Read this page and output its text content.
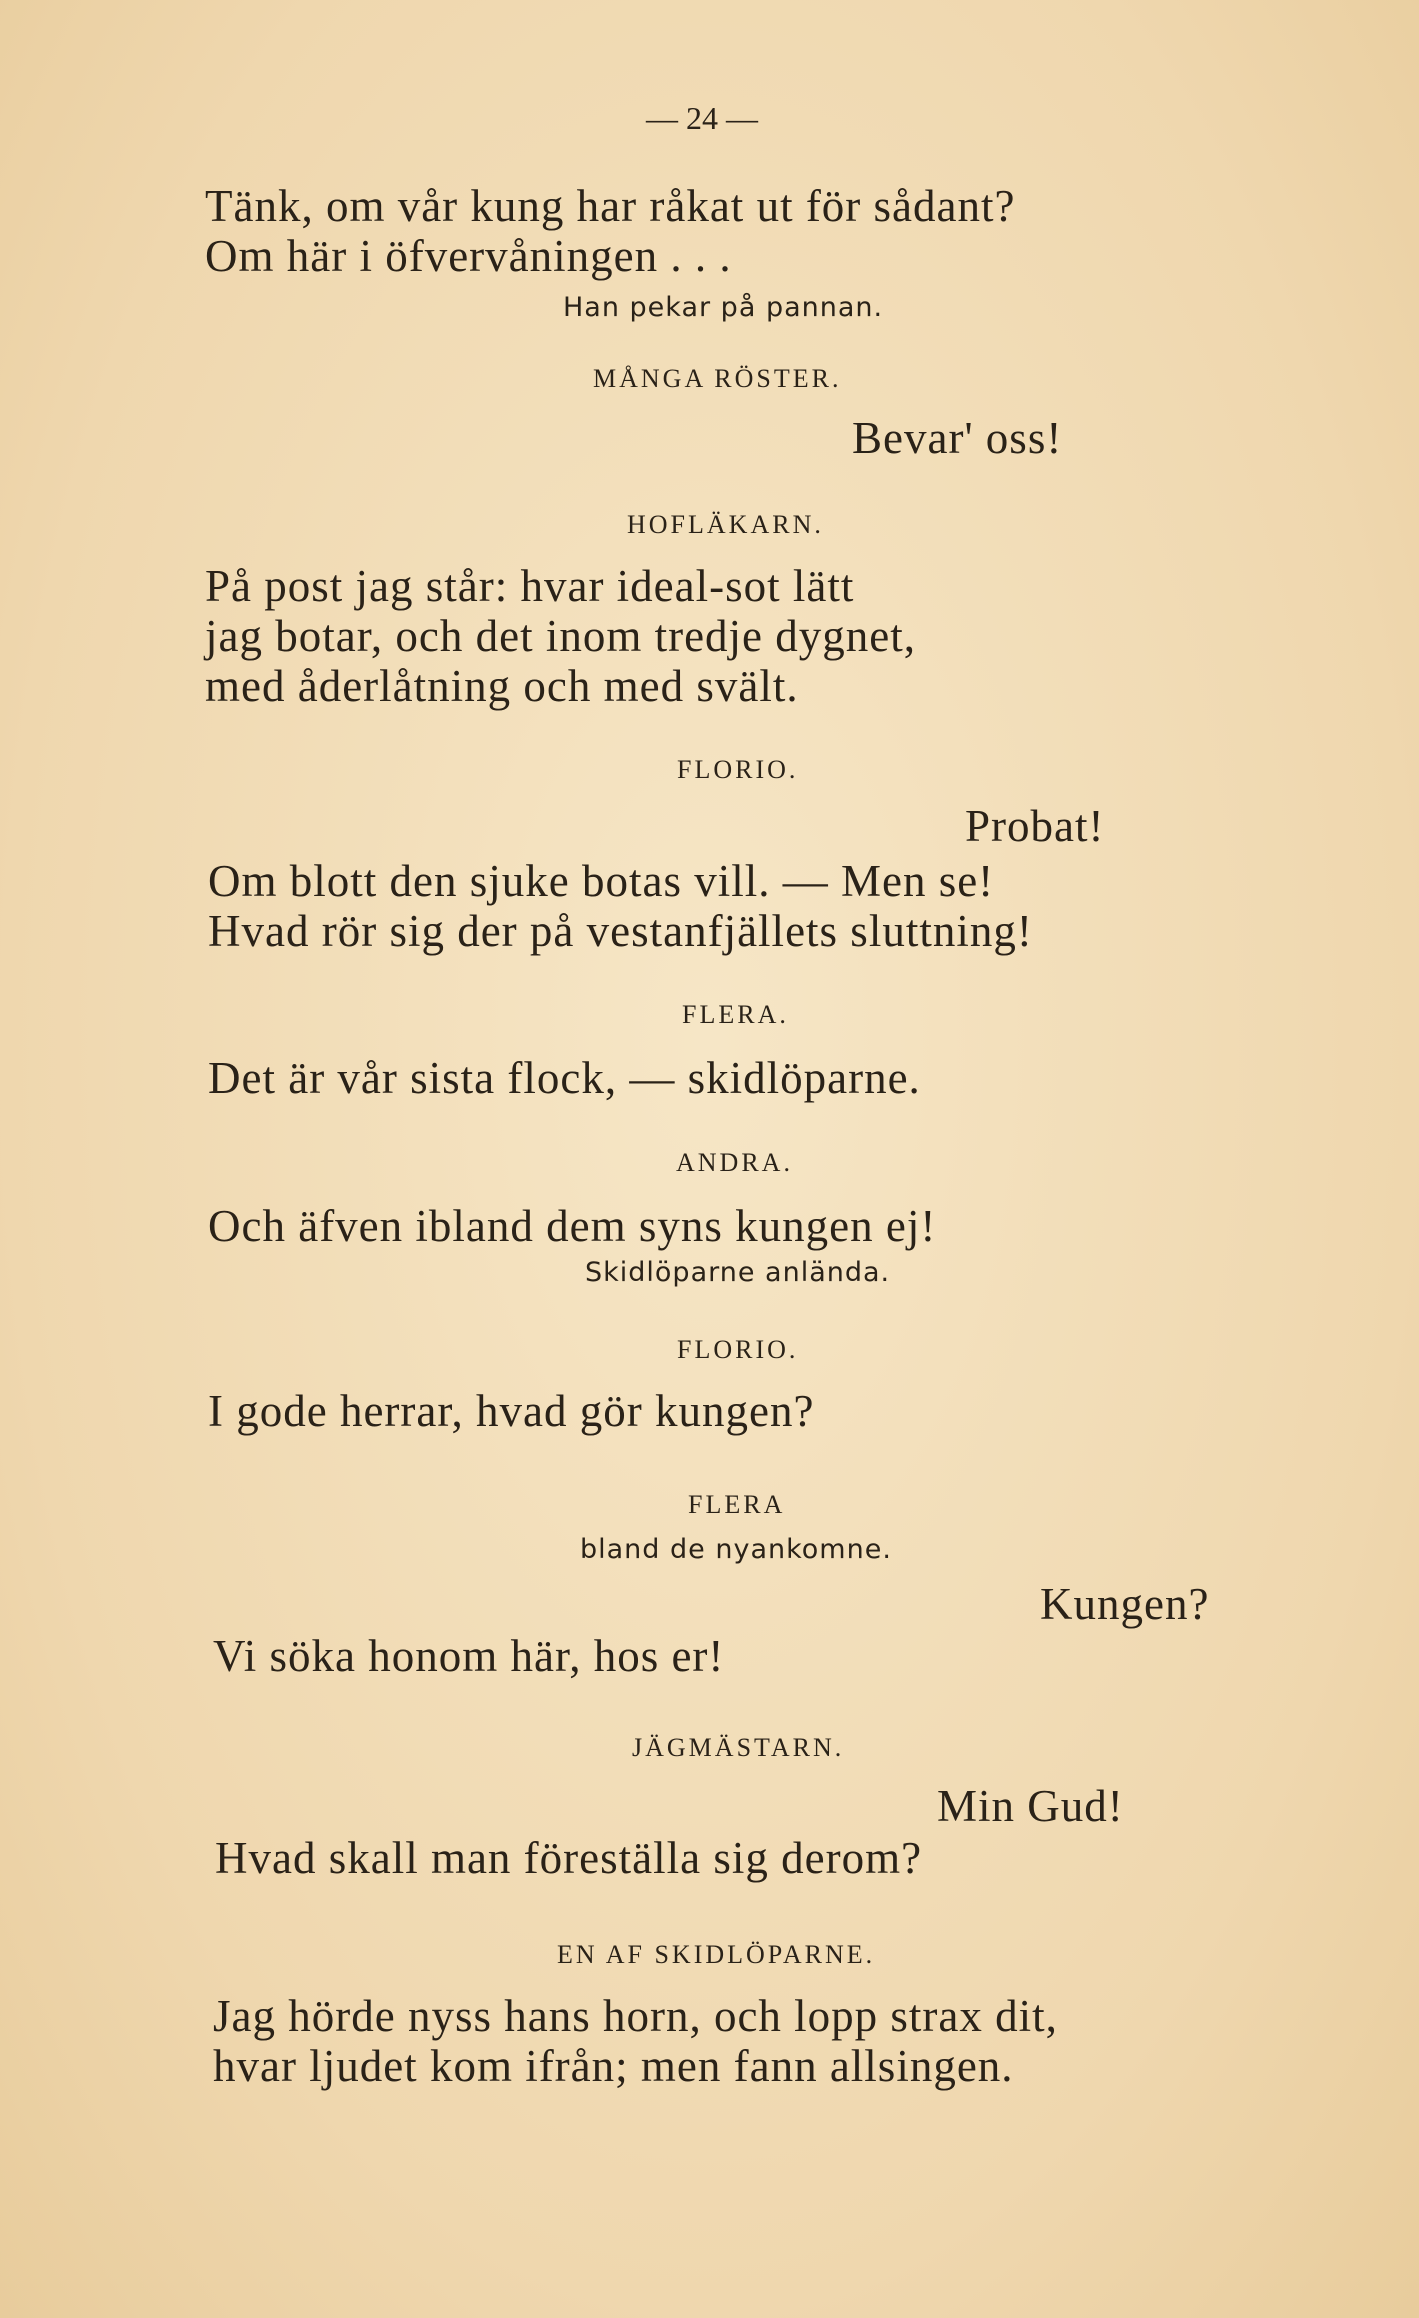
— 24 —
Tänk, om vår kung har råkat ut för sådant?
Om här i öfvervåningen . . .
Han pekar på pannan.
MÅNGA RÖSTER.
Bevar' oss!
HOFLÄKARN.
På post jag står: hvar ideal-sot lätt
jag botar, och det inom tredje dygnet,
med åderlåtning och med svält.
FLORIO.
Probat!
Om blott den sjuke botas vill. — Men se!
Hvad rör sig der på vestanfjällets sluttning!
FLERA.
Det är vår sista flock, — skidlöparne.
ANDRA.
Och äfven ibland dem syns kungen ej!
Skidlöparne anlända.
FLORIO.
I gode herrar, hvad gör kungen?
FLERA
bland de nyankomne.
Kungen?
Vi söka honom här, hos er!
JÄGMÄSTARN.
Min Gud!
Hvad skall man föreställa sig derom?
EN AF SKIDLÖPARNE.
Jag hörde nyss hans horn, och lopp strax dit,
hvar ljudet kom ifrån; men fann allsingen.
